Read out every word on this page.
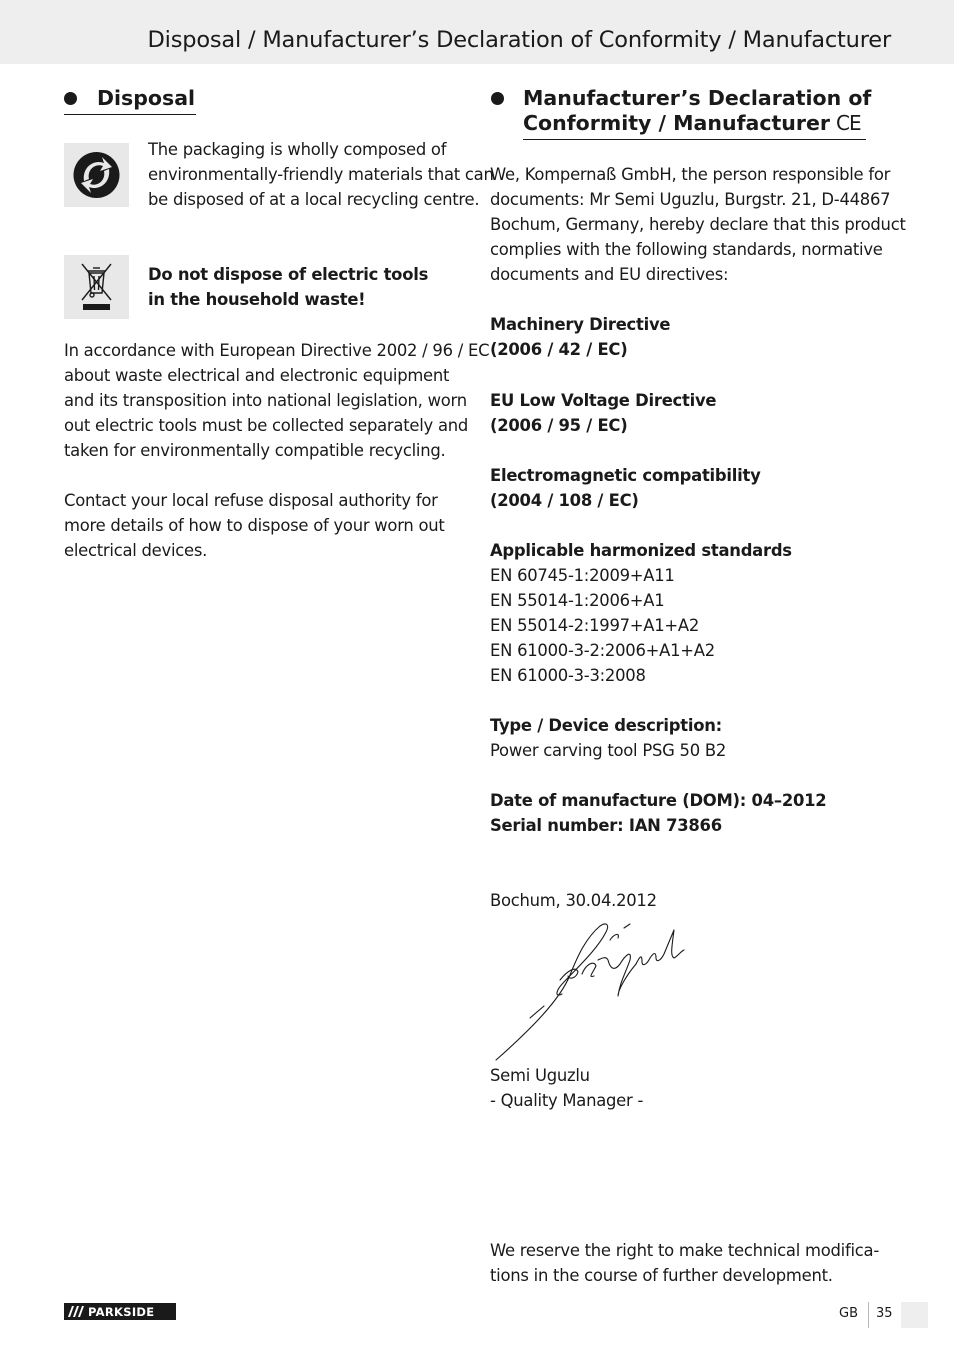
Disposal / Manufacturer’s Declaration of Conformity / Manufacturer
Disposal
The packaging is wholly composed of
environmentally-friendly materials that can
be disposed of at a local recycling centre.
Do not dispose of electric tools
in the household waste!
In accordance with European Directive 2002 / 96 / EC
about waste electrical and electronic equipment
and its transposition into national legislation, worn
out electric tools must be collected separately and
taken for environmentally compatible recycling.
Contact your local refuse disposal authority for
more details of how to dispose of your worn out
electrical devices.
Manufacturer’s Declaration of
Conformity / Manufacturer CE
We, Kompernaß GmbH, the person responsible for
documents: Mr Semi Uguzlu, Burgstr. 21, D-44867
Bochum, Germany, hereby declare that this product
complies with the following standards, normative
documents and EU directives:
Machinery Directive
(2006 / 42 / EC)
EU Low Voltage Directive
(2006 / 95 / EC)
Electromagnetic compatibility
(2004 / 108 / EC)
Applicable harmonized standards
EN 60745-1:2009+A11
EN 55014-1:2006+A1
EN 55014-2:1997+A1+A2
EN 61000-3-2:2006+A1+A2
EN 61000-3-3:2008
Type / Device description:
Power carving tool PSG 50 B2
Date of manufacture (DOM): 04–2012
Serial number: IAN 73866
Bochum, 30.04.2012
Semi Uguzlu
- Quality Manager -
We reserve the right to make technical modifica-
tions in the course of further development.
PARKSIDE	GB 35
